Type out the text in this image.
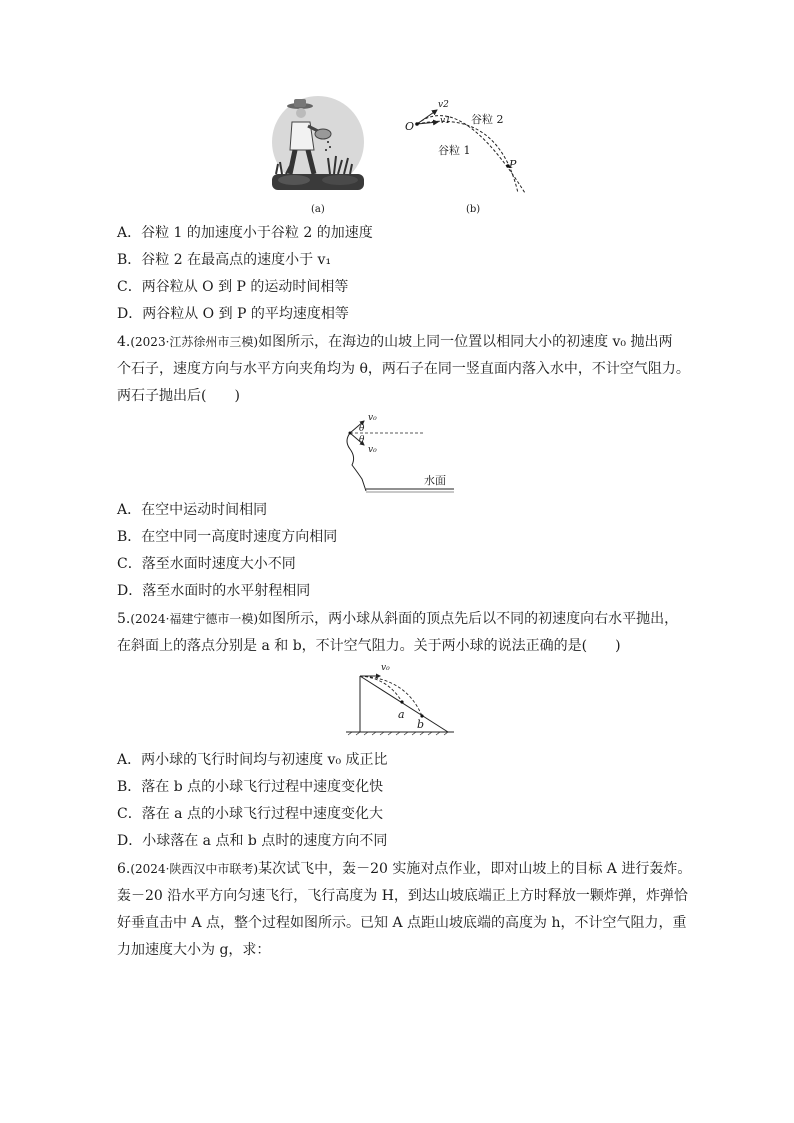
(a)
v2
v1
O
谷粒 2
谷粒 1
P
(b)
A．谷粒 1 的加速度小于谷粒 2 的加速度
B．谷粒 2 在最高点的速度小于 v₁
C．两谷粒从 O 到 P 的运动时间相等
D．两谷粒从 O 到 P 的平均速度相等
4.(2023·江苏徐州市三模)如图所示，在海边的山坡上同一位置以相同大小的初速度 v₀ 抛出两
个石子，速度方向与水平方向夹角均为 θ，两石子在同一竖直面内落入水中，不计空气阻力。
两石子抛出后(　　)
v₀
θ
θ
v₀
水面
A．在空中运动时间相同
B．在空中同一高度时速度方向相同
C．落至水面时速度大小不同
D．落至水面时的水平射程相同
5.(2024·福建宁德市一模)如图所示，两小球从斜面的顶点先后以不同的初速度向右水平抛出，
在斜面上的落点分别是 a 和 b，不计空气阻力。关于两小球的说法正确的是(　　)
v₀
a
b
A．两小球的飞行时间均与初速度 v₀ 成正比
B．落在 b 点的小球飞行过程中速度变化快
C．落在 a 点的小球飞行过程中速度变化大
D．小球落在 a 点和 b 点时的速度方向不同
6.(2024·陕西汉中市联考)某次试飞中，轰－20 实施对点作业，即对山坡上的目标 A 进行轰炸。
轰－20 沿水平方向匀速飞行，飞行高度为 H，到达山坡底端正上方时释放一颗炸弹，炸弹恰
好垂直击中 A 点，整个过程如图所示。已知 A 点距山坡底端的高度为 h，不计空气阻力，重
力加速度大小为 g，求：
